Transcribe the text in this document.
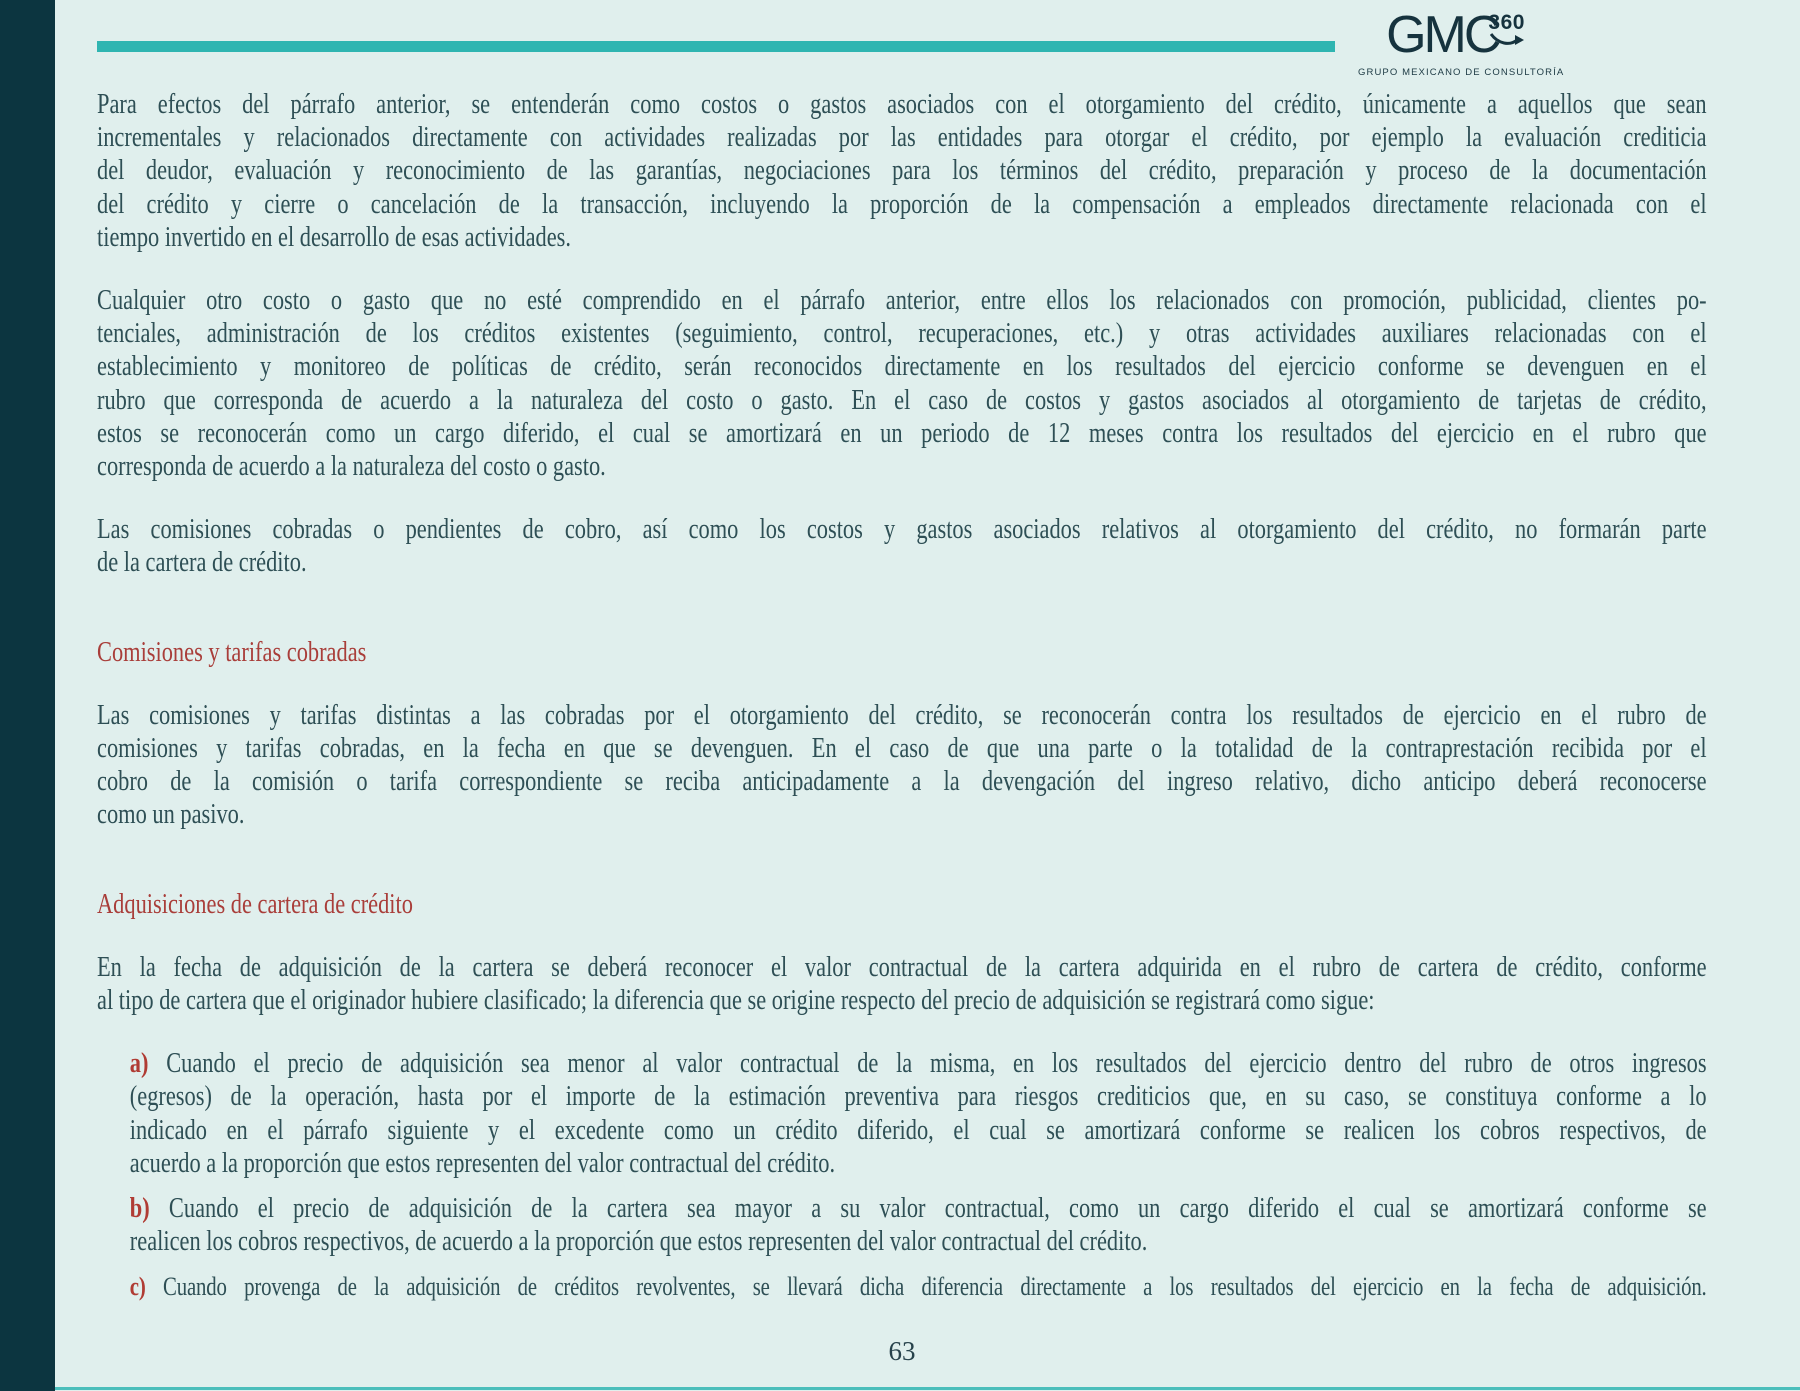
GMC
360
GRUPO MEXICANO DE CONSULTORÍA
Para efectos del párrafo anterior, se entenderán como costos o gastos asociados con el otorgamiento del crédito, únicamente a aquellos que sean
incrementales y relacionados directamente con actividades realizadas por las entidades para otorgar el crédito, por ejemplo la evaluación crediticia
del deudor, evaluación y reconocimiento de las garantías, negociaciones para los términos del crédito, preparación y proceso de la documentación
del crédito y cierre o cancelación de la transacción, incluyendo la proporción de la compensación a empleados directamente relacionada con el
tiempo invertido en el desarrollo de esas actividades.
Cualquier otro costo o gasto que no esté comprendido en el párrafo anterior, entre ellos los relacionados con promoción, publicidad, clientes po-
tenciales, administración de los créditos existentes (seguimiento, control, recuperaciones, etc.) y otras actividades auxiliares relacionadas con el
establecimiento y monitoreo de políticas de crédito, serán reconocidos directamente en los resultados del ejercicio conforme se devenguen en el
rubro que corresponda de acuerdo a la naturaleza del costo o gasto. En el caso de costos y gastos asociados al otorgamiento de tarjetas de crédito,
estos se reconocerán como un cargo diferido, el cual se amortizará en un periodo de 12 meses contra los resultados del ejercicio en el rubro que
corresponda de acuerdo a la naturaleza del costo o gasto.
Las comisiones cobradas o pendientes de cobro, así como los costos y gastos asociados relativos al otorgamiento del crédito, no formarán parte
de la cartera de crédito.
Comisiones y tarifas cobradas
Las comisiones y tarifas distintas a las cobradas por el otorgamiento del crédito, se reconocerán contra los resultados de ejercicio en el rubro de
comisiones y tarifas cobradas, en la fecha en que se devenguen. En el caso de que una parte o la totalidad de la contraprestación recibida por el
cobro de la comisión o tarifa correspondiente se reciba anticipadamente a la devengación del ingreso relativo, dicho anticipo deberá reconocerse
como un pasivo.
Adquisiciones de cartera de crédito
En la fecha de adquisición de la cartera se deberá reconocer el valor contractual de la cartera adquirida en el rubro de cartera de crédito, conforme
al tipo de cartera que el originador hubiere clasificado; la diferencia que se origine respecto del precio de adquisición se registrará como sigue:
a) Cuando el precio de adquisición sea menor al valor contractual de la misma, en los resultados del ejercicio dentro del rubro de otros ingresos
(egresos) de la operación, hasta por el importe de la estimación preventiva para riesgos crediticios que, en su caso, se constituya conforme a lo
indicado en el párrafo siguiente y el excedente como un crédito diferido, el cual se amortizará conforme se realicen los cobros respectivos, de
acuerdo a la proporción que estos representen del valor contractual del crédito.
b) Cuando el precio de adquisición de la cartera sea mayor a su valor contractual, como un cargo diferido el cual se amortizará conforme se
realicen los cobros respectivos, de acuerdo a la proporción que estos representen del valor contractual del crédito.
c) Cuando provenga de la adquisición de créditos revolventes, se llevará dicha diferencia directamente a los resultados del ejercicio en la fecha de adquisición.
63
